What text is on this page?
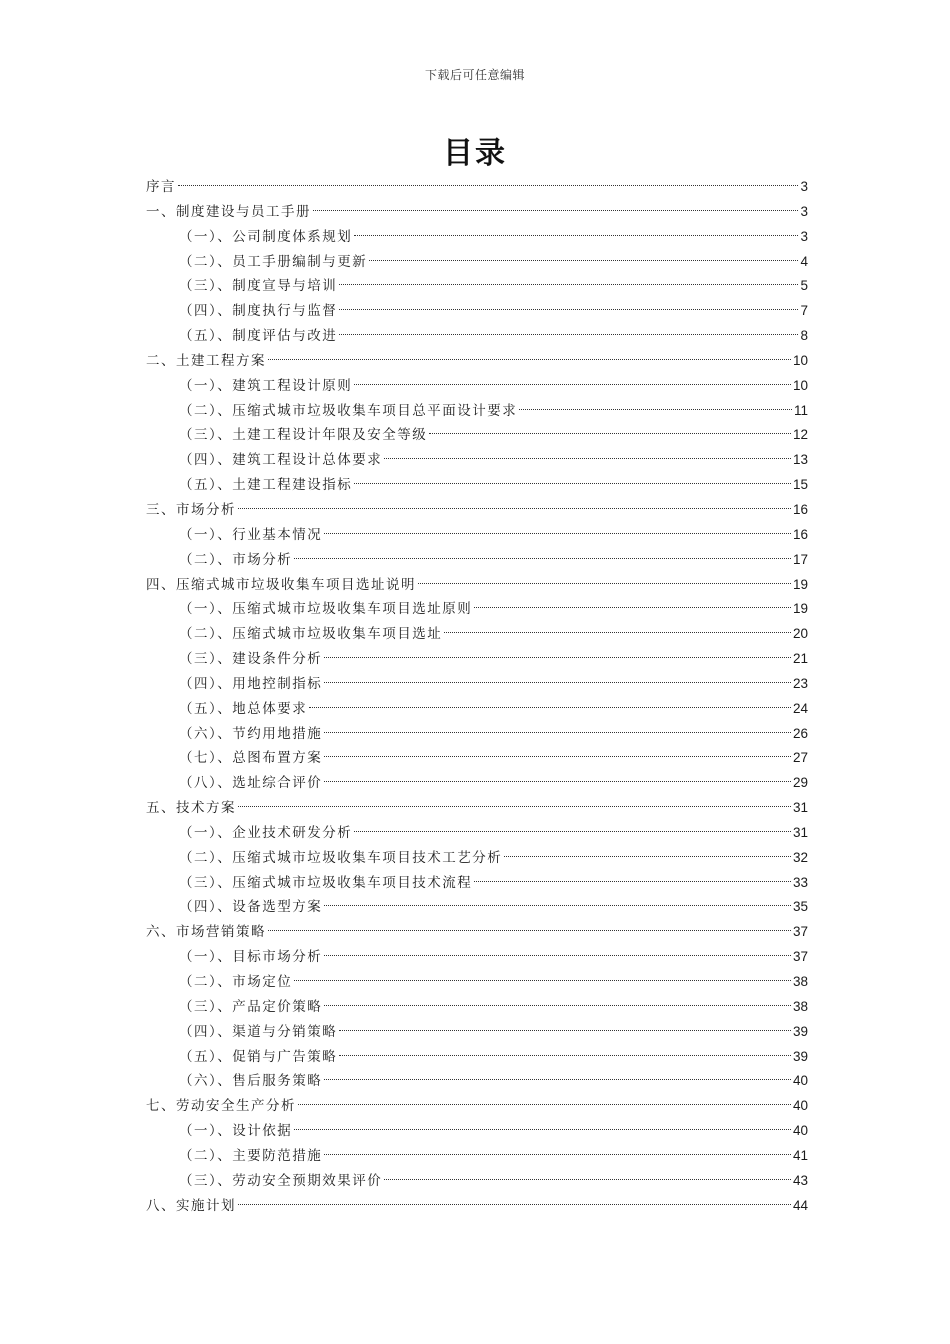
下载后可任意编辑
目录
序言	3
一、制度建设与员工手册	3
（一）、公司制度体系规划	3
（二）、员工手册编制与更新	4
（三）、制度宣导与培训	5
（四）、制度执行与监督	7
（五）、制度评估与改进	8
二、土建工程方案	10
（一）、建筑工程设计原则	10
（二）、压缩式城市垃圾收集车项目总平面设计要求	11
（三）、土建工程设计年限及安全等级	12
（四）、建筑工程设计总体要求	13
（五）、土建工程建设指标	15
三、市场分析	16
（一）、行业基本情况	16
（二）、市场分析	17
四、压缩式城市垃圾收集车项目选址说明	19
（一）、压缩式城市垃圾收集车项目选址原则	19
（二）、压缩式城市垃圾收集车项目选址	20
（三）、建设条件分析	21
（四）、用地控制指标	23
（五）、地总体要求	24
（六）、节约用地措施	26
（七）、总图布置方案	27
（八）、选址综合评价	29
五、技术方案	31
（一）、企业技术研发分析	31
（二）、压缩式城市垃圾收集车项目技术工艺分析	32
（三）、压缩式城市垃圾收集车项目技术流程	33
（四）、设备选型方案	35
六、市场营销策略	37
（一）、目标市场分析	37
（二）、市场定位	38
（三）、产品定价策略	38
（四）、渠道与分销策略	39
（五）、促销与广告策略	39
（六）、售后服务策略	40
七、劳动安全生产分析	40
（一）、设计依据	40
（二）、主要防范措施	41
（三）、劳动安全预期效果评价	43
八、实施计划	44
